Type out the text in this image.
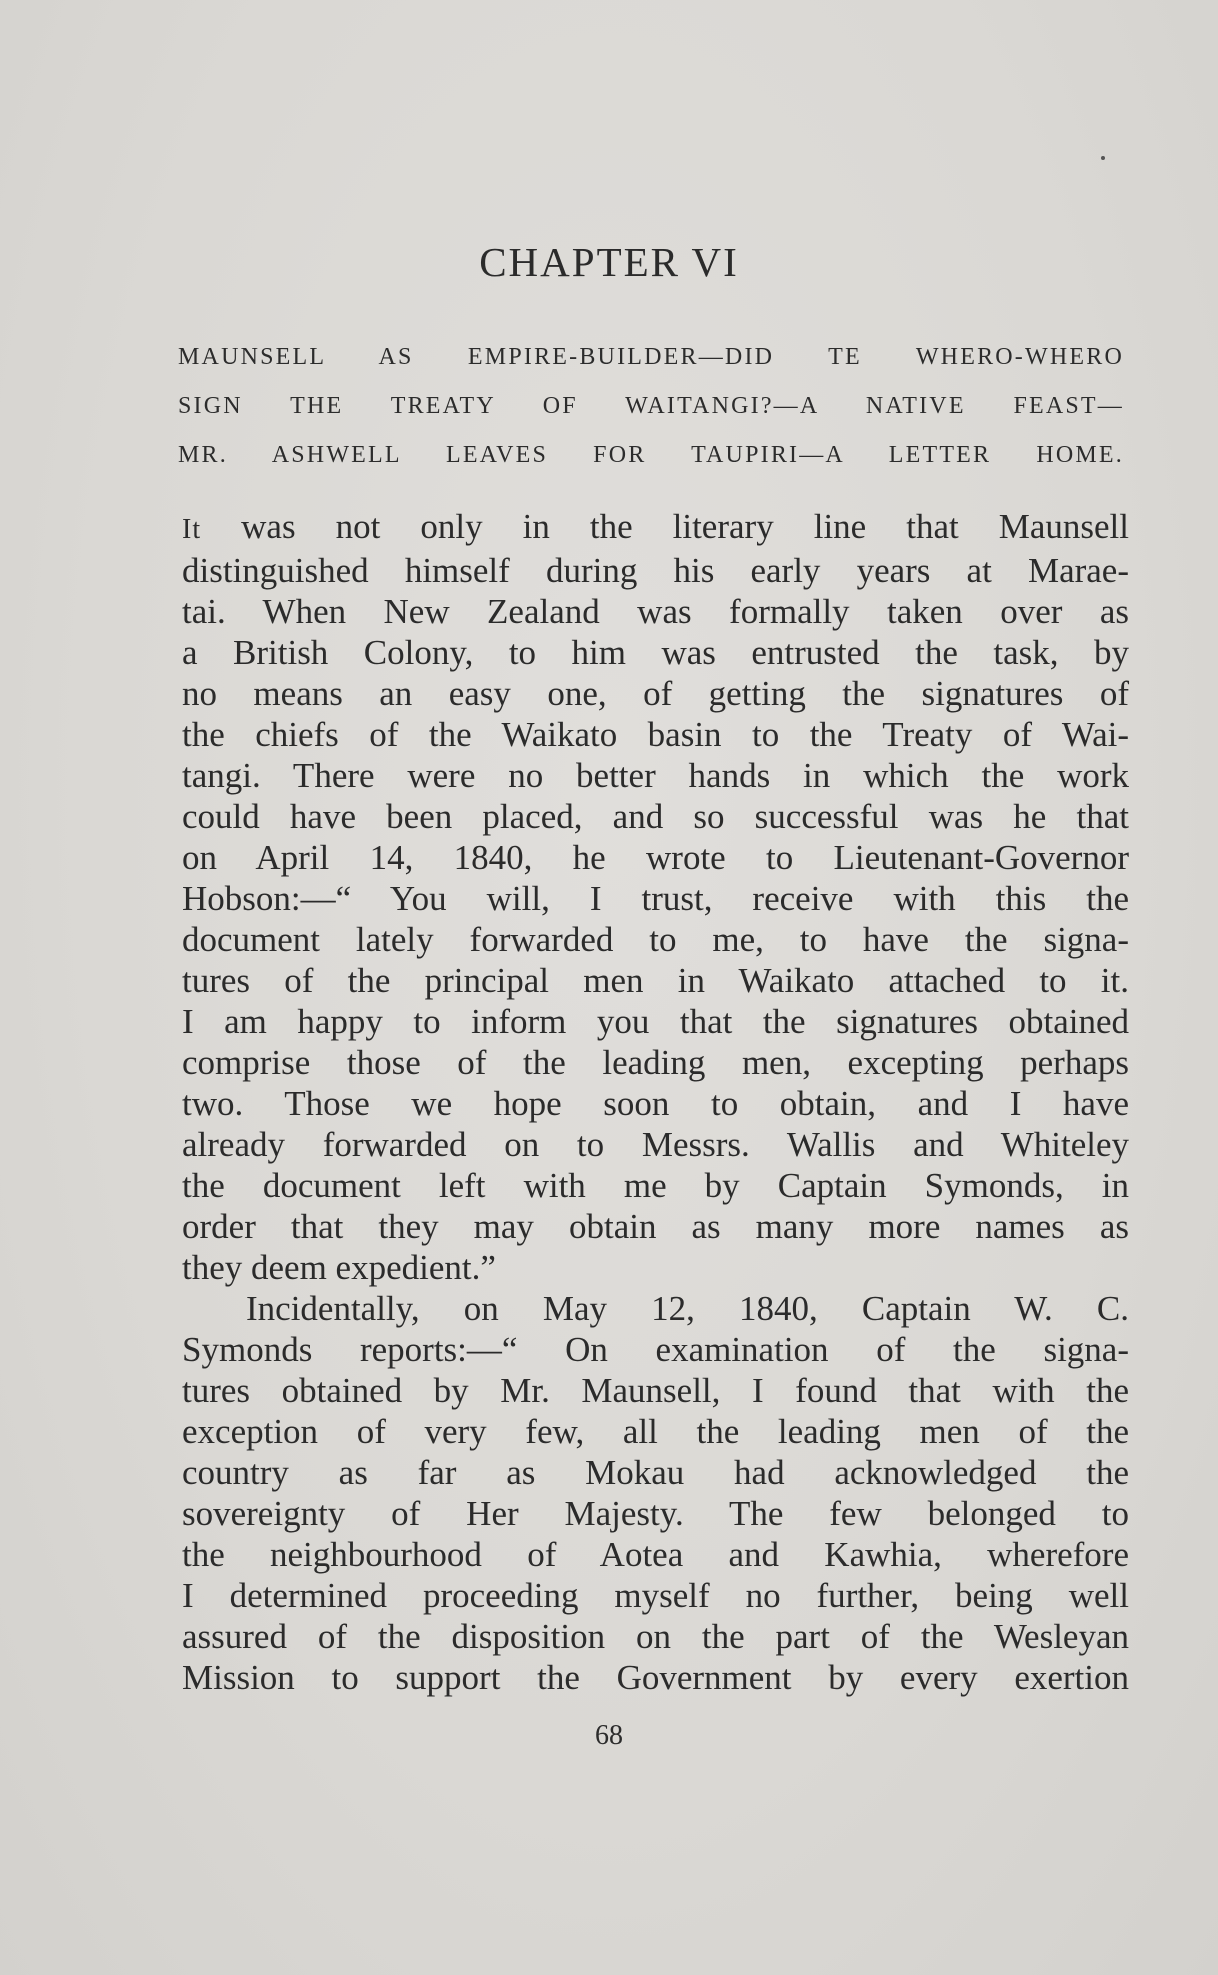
CHAPTER VI
MAUNSELL AS EMPIRE-BUILDER—DID TE WHERO-WHERO
SIGN THE TREATY OF WAITANGI?—A NATIVE FEAST—
MR. ASHWELL LEAVES FOR TAUPIRI—A LETTER HOME.
It was not only in the literary line that Maunsell
distinguished himself during his early years at Marae-
tai. When New Zealand was formally taken over as
a British Colony, to him was entrusted the task, by
no means an easy one, of getting the signatures of
the chiefs of the Waikato basin to the Treaty of Wai-
tangi. There were no better hands in which the work
could have been placed, and so successful was he that
on April 14, 1840, he wrote to Lieutenant-Governor
Hobson:—“ You will, I trust, receive with this the
document lately forwarded to me, to have the signa-
tures of the principal men in Waikato attached to it.
I am happy to inform you that the signatures obtained
comprise those of the leading men, excepting perhaps
two. Those we hope soon to obtain, and I have
already forwarded on to Messrs. Wallis and Whiteley
the document left with me by Captain Symonds, in
order that they may obtain as many more names as
they deem expedient.”
Incidentally, on May 12, 1840, Captain W. C.
Symonds reports:—“ On examination of the signa-
tures obtained by Mr. Maunsell, I found that with the
exception of very few, all the leading men of the
country as far as Mokau had acknowledged the
sovereignty of Her Majesty. The few belonged to
the neighbourhood of Aotea and Kawhia, wherefore
I determined proceeding myself no further, being well
assured of the disposition on the part of the Wesleyan
Mission to support the Government by every exertion
68
